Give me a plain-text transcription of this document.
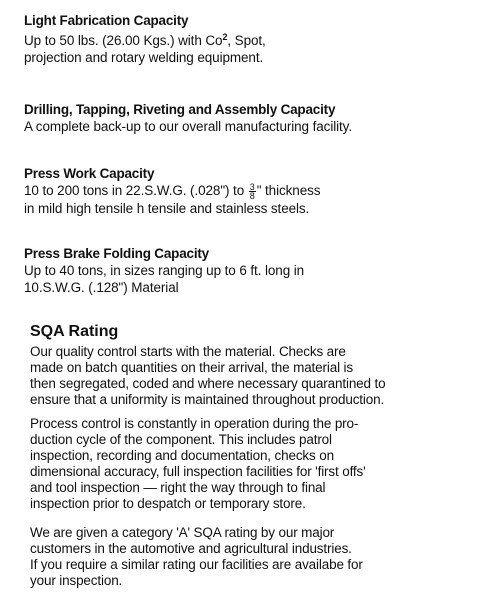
Light Fabrication Capacity
Up to 50 lbs. (26.00 Kgs.) with Co$^2$, Spot,
projection and rotary welding equipment.
Drilling, Tapping, Riveting and Assembly Capacity
A complete back-up to our overall manufacturing facility.
Press Work Capacity
10 to 200 tons in 22.S.W.G. (.028") to $\frac{3}{8}$ " thickness
in mild high tensile h tensile and stainless steels.
Press Brake Folding Capacity
Up to 40 tons, in sizes ranging up to 6 ft. long in
10.S.W.G. (.128") Material
SQA Rating
Our quality control starts with the material. Checks are
made on batch quantities on their arrival, the material is
then segregated, coded and where necessary quarantined to
ensure that a uniformity is maintained throughout production.
Process control is constantly in operation during the pro-
duction cycle of the component. This includes patrol
inspection, recording and documentation, checks on
dimensional accuracy, full inspection facilities for 'first offs'
and tool inspection — right the way through to final
inspection prior to despatch or temporary store.
We are given a category 'A' SQA rating by our major
customers in the automotive and agricultural industries.
If you require a similar rating our facilities are availabe for
your inspection.
